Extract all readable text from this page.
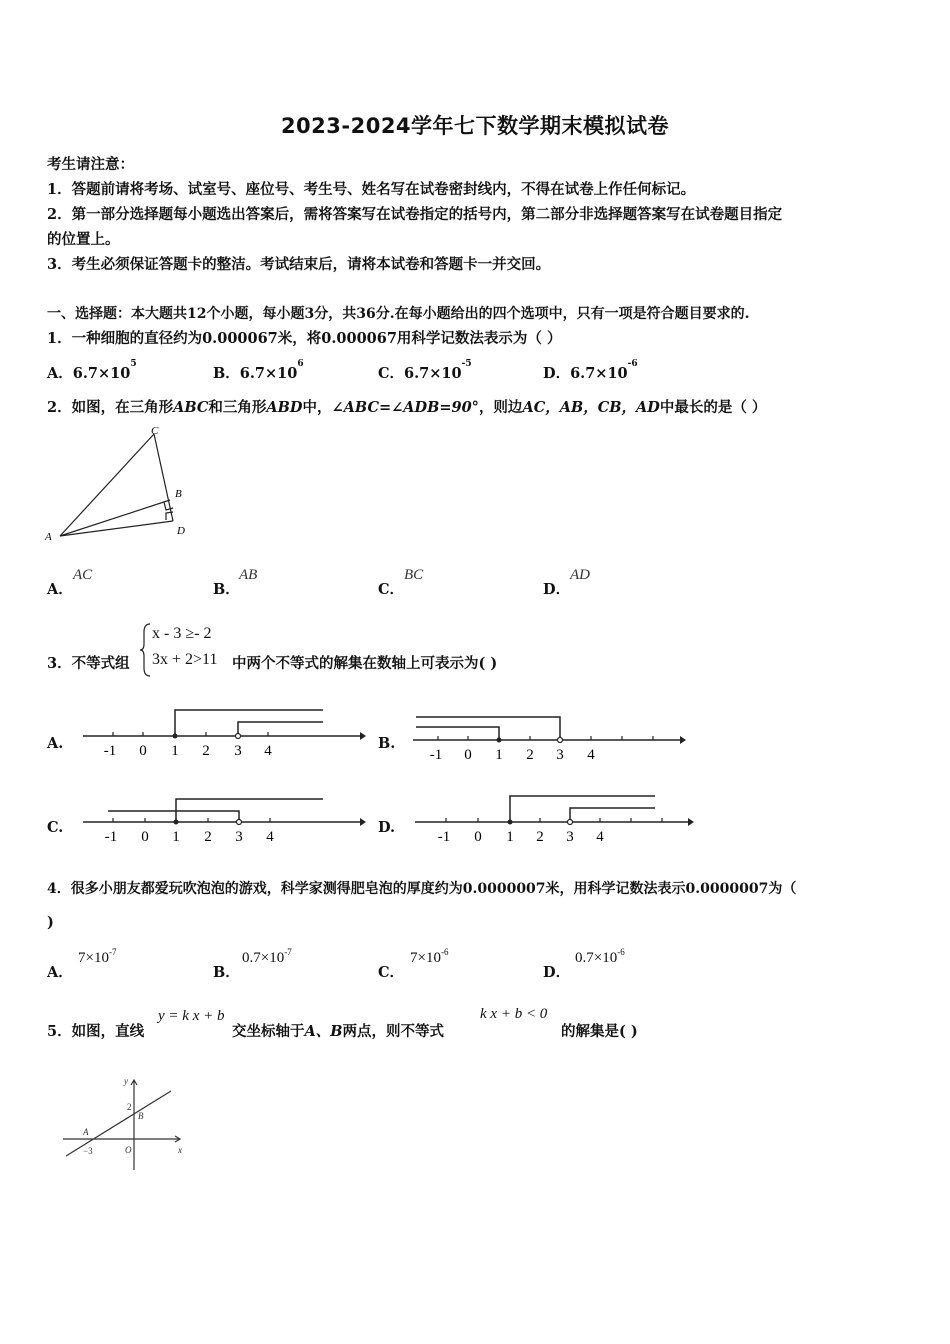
2023-2024学年七下数学期末模拟试卷
考生请注意：
1．答题前请将考场、试室号、座位号、考生号、姓名写在试卷密封线内，不得在试卷上作任何标记。
2．第一部分选择题每小题选出答案后，需将答案写在试卷指定的括号内，第二部分非选择题答案写在试卷题目指定
的位置上。
3．考生必须保证答题卡的整洁。考试结束后，请将本试卷和答题卡一并交回。
一、选择题：本大题共12个小题，每小题3分，共36分.在每小题给出的四个选项中，只有一项是符合题目要求的.
1．一种细胞的直径约为0.000067米，将0.000067用科学记数法表示为（ ）
A．$6.7\times 10^5$
B．$6.7\times 10^6$
C．$6.7\times 10^{-5}$
D．$6.7\times 10^{-6}$
2．如图，在三角形ABC和三角形ABD中，∠ABC=∠ADB=90°，则边AC，AB，CB，AD中最长的是（ ）
C
B
D
A
A．
AC
B．
AB
C．
BC
D．
AD
3．不等式组
x - 3 ≥- 2
3x + 2>11 中两个不等式的解集在数轴上可表示为( )
A.	-1 0 1 2 3 4	B.
-1 0 1 2 3 4
C.
-1 0 1 2 3 4
D.
-1 0 1 2 3 4
4．很多小朋友都爱玩吹泡泡的游戏，科学家测得肥皂泡的厚度约为0.0000007米，用科学记数法表示0.0000007为（
)
A．
$7\times 10^{-7}$
B．
$0.7\times 10^{-7}$
C．
$7\times 10^{-6}$
D．
$0.7\times 10^{-6}$
5．如图，直线
y = k x + b
交坐标轴于A、B两点，则不等式
k x + b < 0
的解集是( )
y
x
2
B
A
−3	O
